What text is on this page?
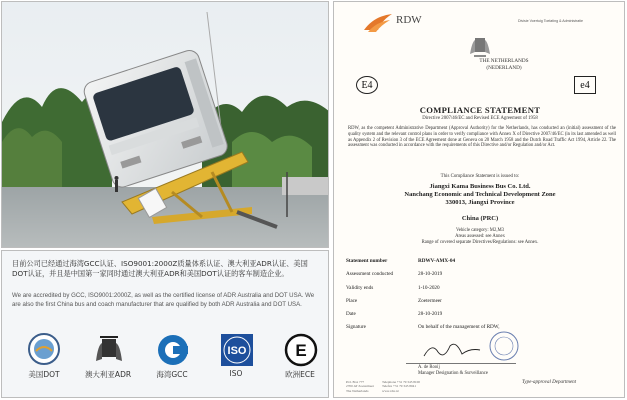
目前公司已经通过海湾GCC认证、ISO9001:2000Z质量体系认证、澳大利亚ADR认证、美国DOT认证，并且是中国第一家同时通过澳大利亚ADR和美国DOT认证的客车制造企业。
We are accredited by GCC, ISO9001:2000Z, as well as the certified license of ADR Australia and DOT USA. We are also the first China bus and coach manufacturer that are qualified by both ADR Australia and DOT USA.
美国DOT	澳大利亚ADR	海湾GCC
ISO
ISO
E
欧洲ECE
RDW	Divisie Voertuig Toelating & Administratie
THE NETHERLANDS
(NEDERLAND)
E4	e4
COMPLIANCE STATEMENT
Directive 2007/46/EC and Revised ECE Agreement of 1958
RDW, as the competent Administrative Department (Approval Authority) for the Netherlands, has conducted an (initial) assessment of the quality system and the relevant control plans in order to verify compliance with Annex X of Directive 2007/46/EC (in its last amended as well as Appendix 2 of Revision 3 of the ECE Agreement done at Geneva on 20 March 1958 and the Dutch Road Traffic Act 1994, Article 22. The assessment was conducted in accordance with the requirements of this Directive and/or Regulation and/or Act.
This Compliance Statement is issued to:
Jiangxi Kama Business Bus Co. Ltd.
Nanchang Economic and Technical Development Zone
330013, Jiangxi Province
China (PRC)
Vehicle category: M2,M3
Areas assessed: see Annex
Range of covered separate Directives/Regulations: see Annex.
Statement number	RDWV-AMX-04
Assessment conducted	28-10-2019
Validity ends	1-10-2020
Place	Zoetermeer
Date	28-10-2019
Signature	On behalf of the management of RDW,
A. de Rooij
Manager Designation & Surveillance
P.O. Box 777
2700 AT Zoetermeer
The Netherlands
Telephone +31 79 345 8100
Telefax +31 79 345 8041
www.rdw.nl
Type-approval Department
